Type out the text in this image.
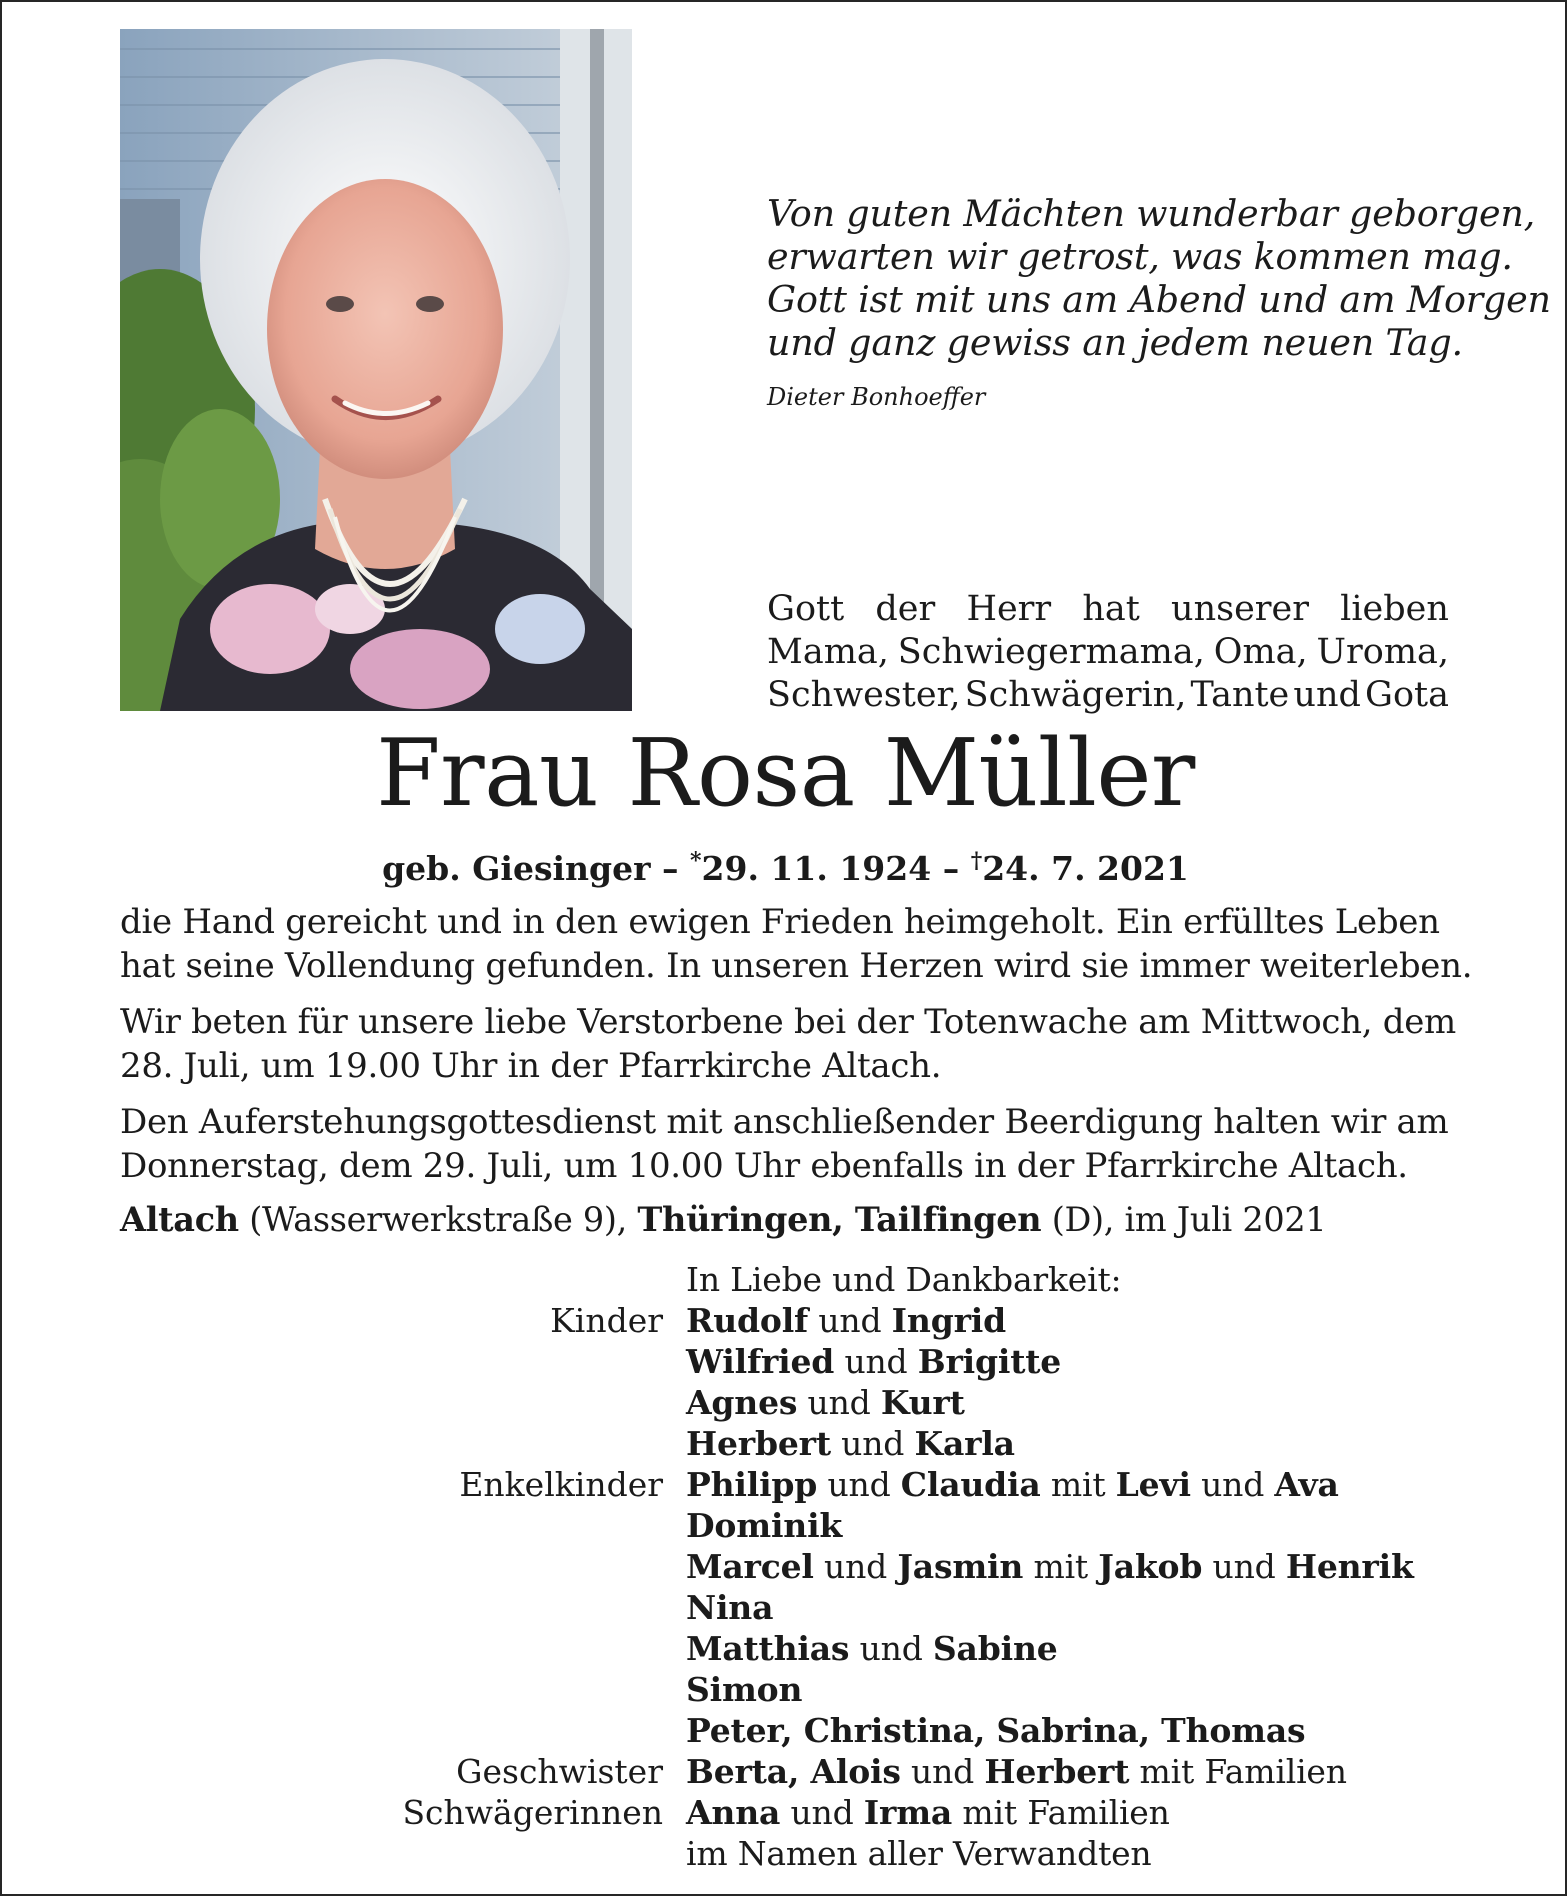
Von guten Mächten wunderbar geborgen,
erwarten wir getrost, was kommen mag.
Gott ist mit uns am Abend und am Morgen
und ganz gewiss an jedem neuen Tag.
Dieter Bonhoeffer
Gott der Herr hat unserer lieben
Mama, Schwiegermama, Oma, Uroma,
Schwester, Schwägerin, Tante und Gota
Frau Rosa Müller
geb. Giesinger – *29. 11. 1924 – †24. 7. 2021
die Hand gereicht und in den ewigen Frieden heimgeholt. Ein erfülltes Leben
hat seine Vollendung gefunden. In unseren Herzen wird sie immer weiterleben.
Wir beten für unsere liebe Verstorbene bei der Totenwache am Mittwoch, dem
28. Juli, um 19.00 Uhr in der Pfarrkirche Altach.
Den Auferstehungsgottesdienst mit anschließender Beerdigung halten wir am
Donnerstag, dem 29. Juli, um 10.00 Uhr ebenfalls in der Pfarrkirche Altach.
Altach (Wasserwerkstraße 9), Thüringen, Tailfingen (D), im Juli 2021
In Liebe und Dankbarkeit:
Kinder Rudolf und Ingrid
Wilfried und Brigitte
Agnes und Kurt
Herbert und Karla
Enkelkinder Philipp und Claudia mit Levi und Ava
Dominik
Marcel und Jasmin mit Jakob und Henrik
Nina
Matthias und Sabine
Simon
Peter, Christina, Sabrina, Thomas
Geschwister Berta, Alois und Herbert mit Familien
Schwägerinnen Anna und Irma mit Familien
im Namen aller Verwandten
